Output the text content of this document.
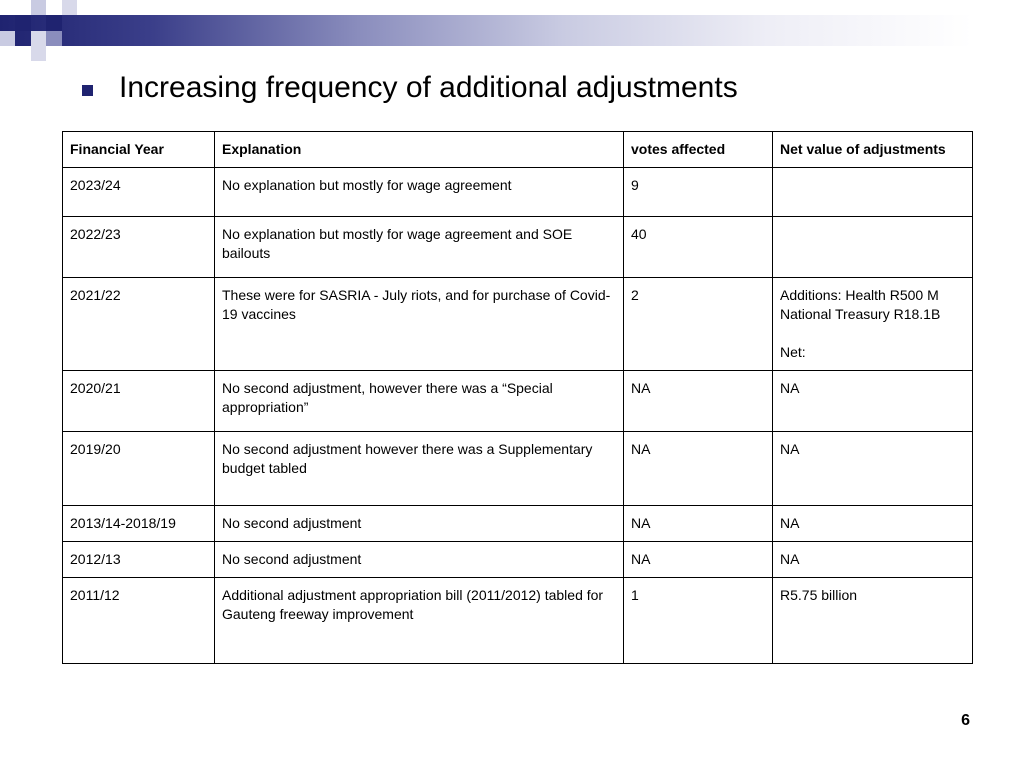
Increasing frequency of additional adjustments
Financial Year	Explanation	votes affected	Net value of adjustments
2023/24	No explanation but mostly for wage agreement	9	
2022/23	No explanation but mostly for wage agreement and SOE bailouts	40	
2021/22	These were for SASRIA - July riots, and for purchase of Covid-19 vaccines	2	Additions: Health R500 M
National Treasury R18.1B
Net:

2020/21	No second adjustment, however there was a “Special appropriation”	NA	NA
2019/20	No second adjustment however there was a Supplementary budget tabled	NA	NA
2013/14-2018/19	No second adjustment	NA	NA
2012/13	No second adjustment	NA	NA
2011/12	Additional adjustment appropriation bill (2011/2012) tabled for Gauteng freeway improvement	1	R5.75 billion
6
